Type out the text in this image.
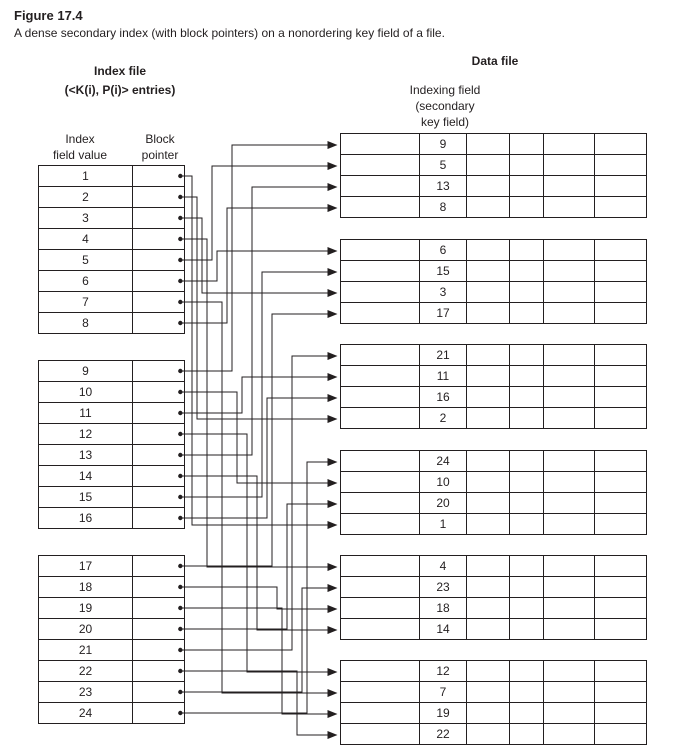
Figure 17.4
A dense secondary index (with block pointers) on a nonordering key field of a file.
Index file
(<K(i), P(i)> entries)
Index
field value
Block
pointer
Data file
Indexing field
(secondary
key field)
1	
2	
3	
4	
5	
6	
7	
8	
9	
10	
11	
12	
13	
14	
15	
16	
17	
18	
19	
20	
21	
22	
23	
24	
	9				
	5				
	13				
	8				
	6				
	15				
	3				
	17				
	21				
	11				
	16				
	2				
	24				
	10				
	20				
	1				
	4				
	23				
	18				
	14				
	12				
	7				
	19				
	22				
